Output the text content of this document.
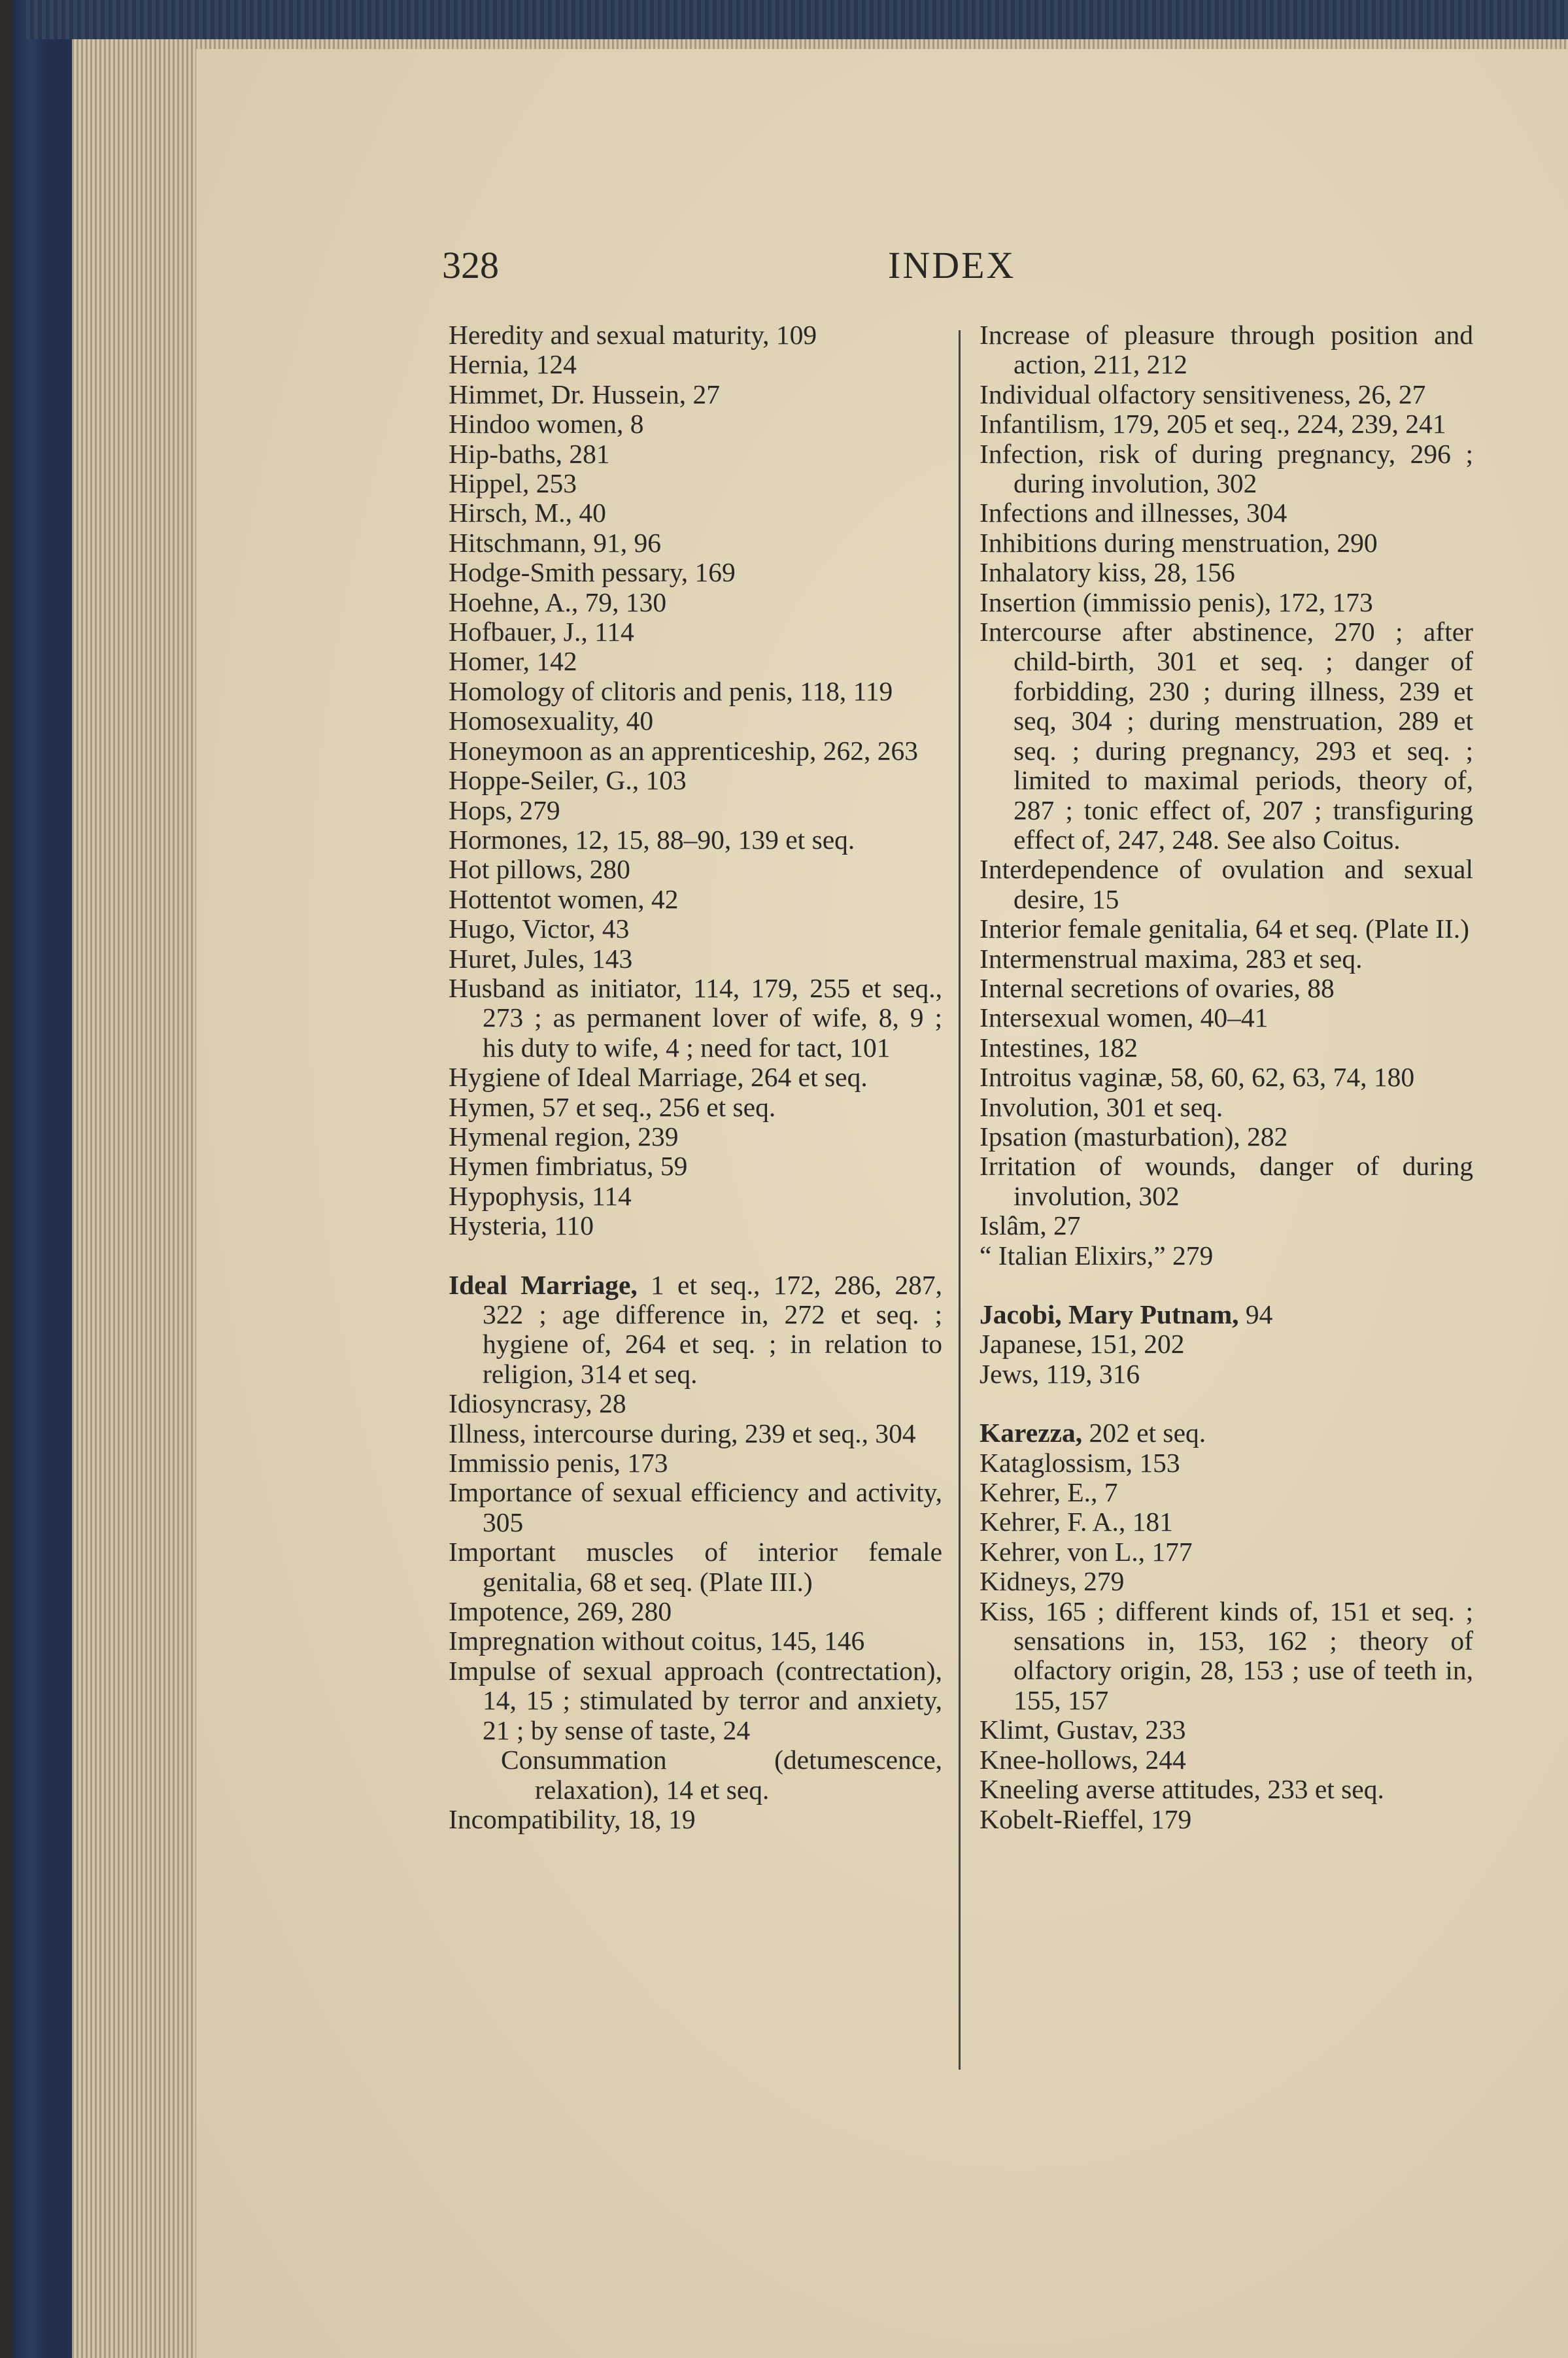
328	INDEX
Heredity and sexual maturity, 109
Hernia, 124
Himmet, Dr. Hussein, 27
Hindoo women, 8
Hip-baths, 281
Hippel, 253
Hirsch, M., 40
Hitschmann, 91, 96
Hodge-Smith pessary, 169
Hoehne, A., 79, 130
Hofbauer, J., 114
Homer, 142
Homology of clitoris and penis, 118, 119
Homosexuality, 40
Honeymoon as an apprenticeship, 262, 263
Hoppe-Seiler, G., 103
Hops, 279
Hormones, 12, 15, 88–90, 139 et seq.
Hot pillows, 280
Hottentot women, 42
Hugo, Victor, 43
Huret, Jules, 143
Husband as initiator, 114, 179, 255 et seq., 273 ; as permanent lover of wife, 8, 9 ; his duty to wife, 4 ; need for tact, 101
Hygiene of Ideal Marriage, 264 et seq.
Hymen, 57 et seq., 256 et seq.
Hymenal region, 239
Hymen fimbriatus, 59
Hypophysis, 114
Hysteria, 110
Ideal Marriage, 1 et seq., 172, 286, 287, 322 ; age difference in, 272 et seq. ; hygiene of, 264 et seq. ; in relation to religion, 314 et seq.
Idiosyncrasy, 28
Illness, intercourse during, 239 et seq., 304
Immissio penis, 173
Importance of sexual efficiency and activity, 305
Important muscles of interior female genitalia, 68 et seq. (Plate III.)
Impotence, 269, 280
Impregnation without coitus, 145, 146
Impulse of sexual approach (contrectation), 14, 15 ; stimulated by terror and anxiety, 21 ; by sense of taste, 24
Consummation (detumescence, relaxation), 14 et seq.
Incompatibility, 18, 19
Increase of pleasure through position and action, 211, 212
Individual olfactory sensitiveness, 26, 27
Infantilism, 179, 205 et seq., 224, 239, 241
Infection, risk of during pregnancy, 296 ; during involution, 302
Infections and illnesses, 304
Inhibitions during menstruation, 290
Inhalatory kiss, 28, 156
Insertion (immissio penis), 172, 173
Intercourse after abstinence, 270 ; after child-birth, 301 et seq. ; danger of forbidding, 230 ; during illness, 239 et seq, 304 ; during menstruation, 289 et seq. ; during pregnancy, 293 et seq. ; limited to maximal periods, theory of, 287 ; tonic effect of, 207 ; transfiguring effect of, 247, 248. See also Coitus.
Interdependence of ovulation and sexual desire, 15
Interior female genitalia, 64 et seq. (Plate II.)
Intermenstrual maxima, 283 et seq.
Internal secretions of ovaries, 88
Intersexual women, 40–41
Intestines, 182
Introitus vaginæ, 58, 60, 62, 63, 74, 180
Involution, 301 et seq.
Ipsation (masturbation), 282
Irritation of wounds, danger of during involution, 302
Islâm, 27
“ Italian Elixirs,” 279
Jacobi, Mary Putnam, 94
Japanese, 151, 202
Jews, 119, 316
Karezza, 202 et seq.
Kataglossism, 153
Kehrer, E., 7
Kehrer, F. A., 181
Kehrer, von L., 177
Kidneys, 279
Kiss, 165 ; different kinds of, 151 et seq. ; sensations in, 153, 162 ; theory of olfactory origin, 28, 153 ; use of teeth in, 155, 157
Klimt, Gustav, 233
Knee-hollows, 244
Kneeling averse attitudes, 233 et seq.
Kobelt-Rieffel, 179
